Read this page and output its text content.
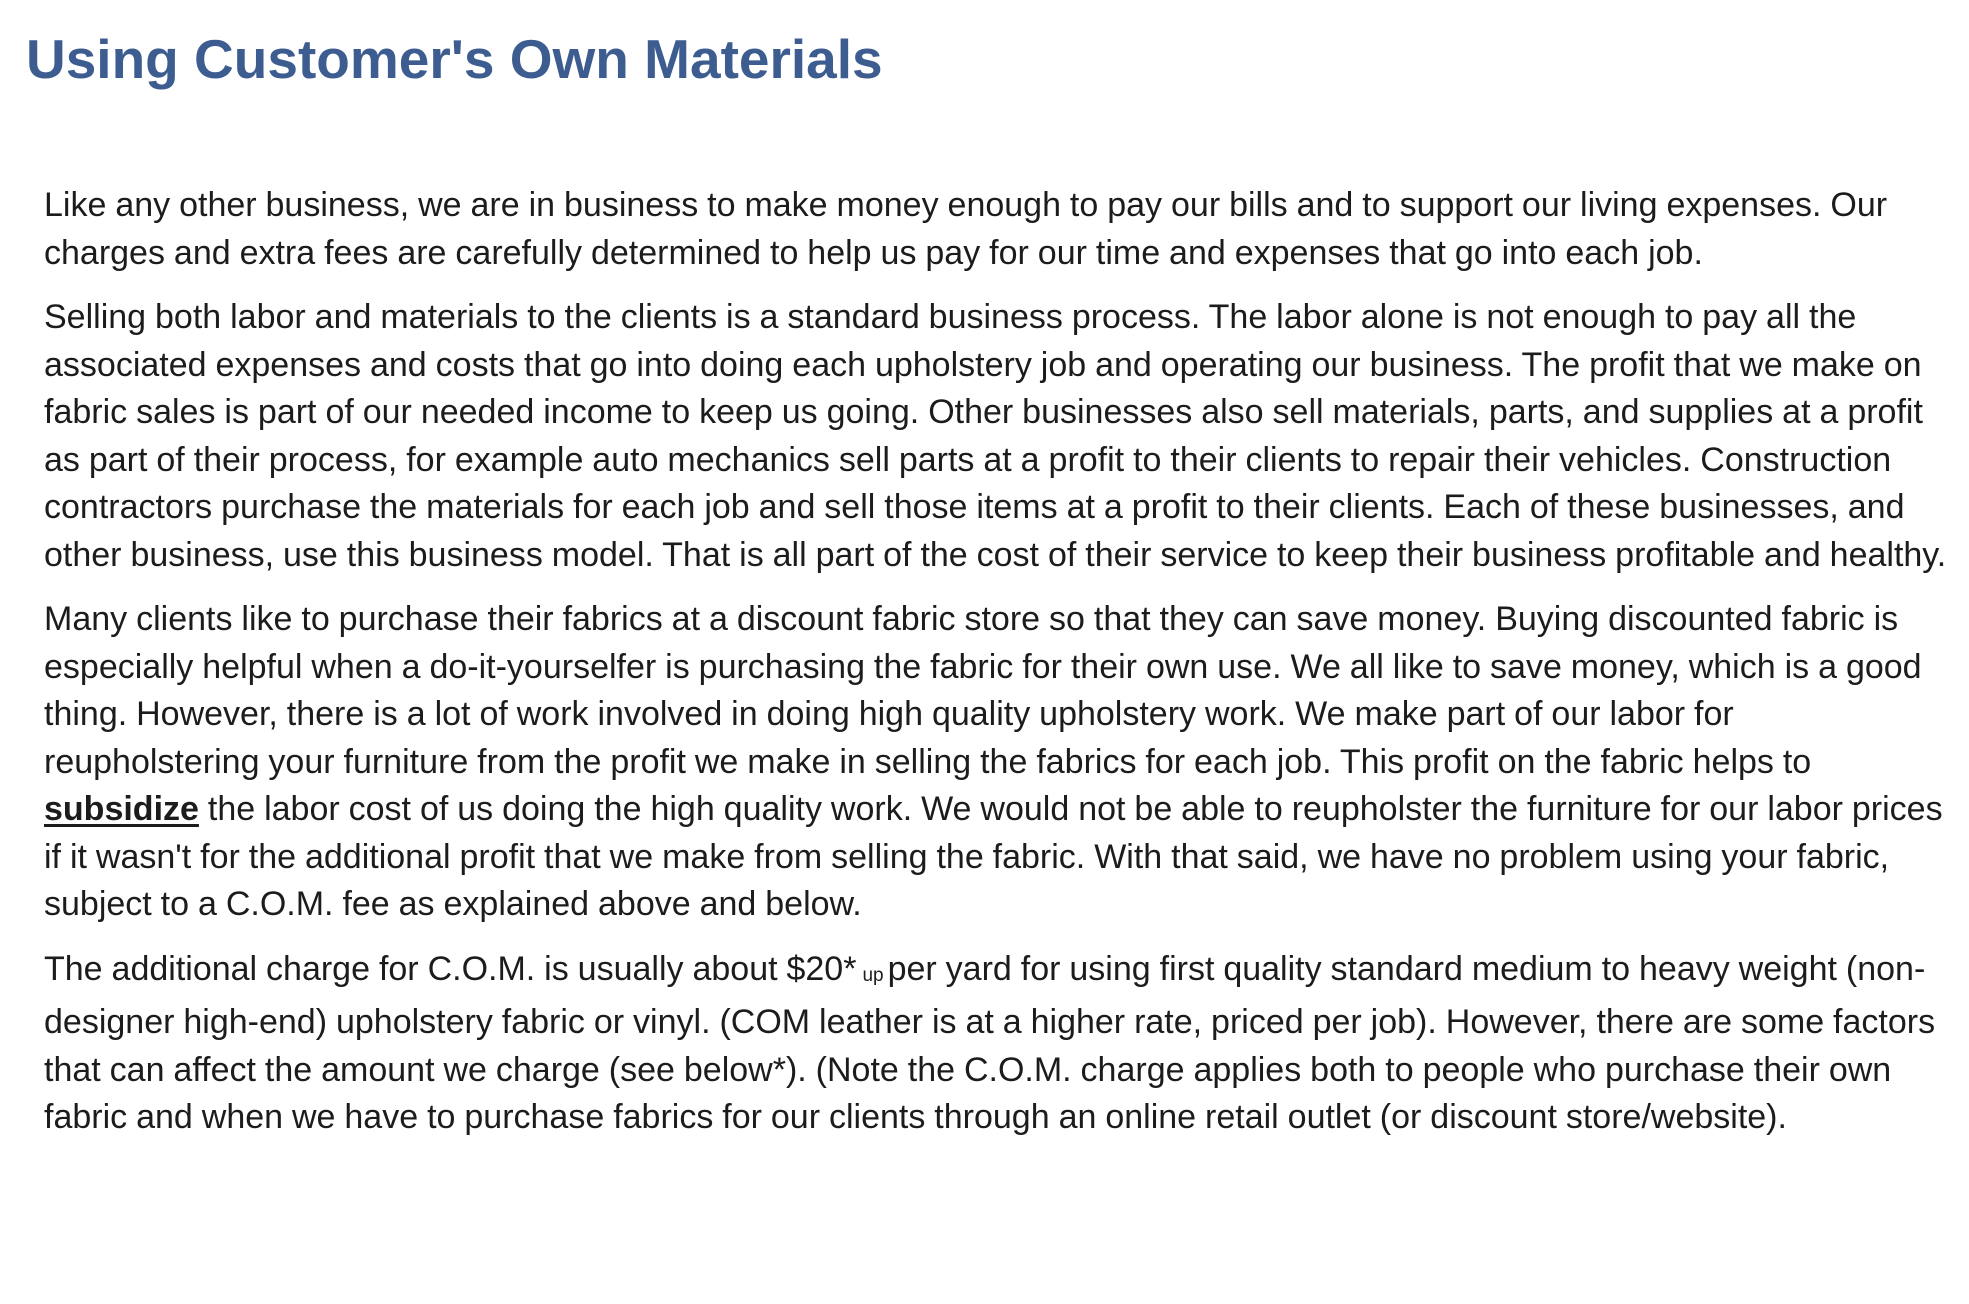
Using Customer's Own Materials

Like any other business, we are in business to make money enough to pay our bills and to support our living expenses. Our charges and extra fees are carefully determined to help us pay for our time and expenses that go into each job.

Selling both labor and materials to the clients is a standard business process. The labor alone is not enough to pay all the associated expenses and costs that go into doing each upholstery job and operating our business. The profit that we make on fabric sales is part of our needed income to keep us going. Other businesses also sell materials, parts, and supplies at a profit as part of their process, for example auto mechanics sell parts at a profit to their clients to repair their vehicles. Construction contractors purchase the materials for each job and sell those items at a profit to their clients. Each of these businesses, and other business, use this business model. That is all part of the cost of their service to keep their business profitable and healthy.

Many clients like to purchase their fabrics at a discount fabric store so that they can save money. Buying discounted fabric is especially helpful when a do-it-yourselfer is purchasing the fabric for their own use. We all like to save money, which is a good thing. However, there is a lot of work involved in doing high quality upholstery work. We make part of our labor for reupholstering your furniture from the profit we make in selling the fabrics for each job. This profit on the fabric helps to subsidize the labor cost of us doing the high quality work. We would not be able to reupholster the furniture for our labor prices if it wasn't for the additional profit that we make from selling the fabric. With that said, we have no problem using your fabric, subject to a C.O.M. fee as explained above and below.

The additional charge for C.O.M. is usually about $20* up per yard for using first quality standard medium to heavy weight (non-designer high-end) upholstery fabric or vinyl. (COM leather is at a higher rate, priced per job). However, there are some factors that can affect the amount we charge (see below*). (Note the C.O.M. charge applies both to people who purchase their own fabric and when we have to purchase fabrics for our clients through an online retail outlet (or discount store/website).
